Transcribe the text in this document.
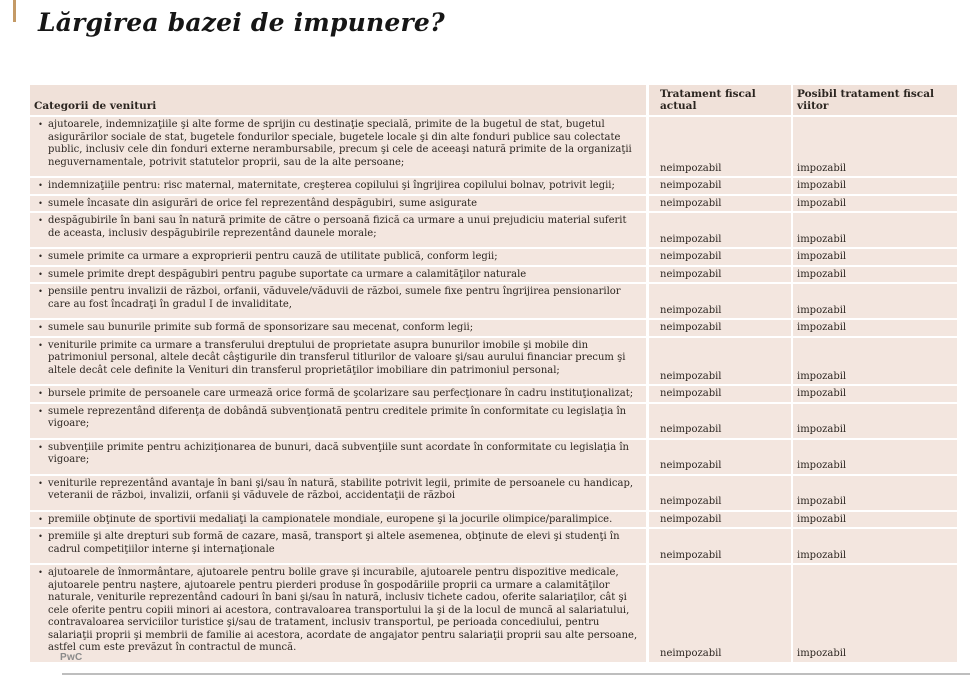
Lărgirea bazei de impunere?
Categorii de venituri
Tratament fiscal actual
Posibil tratament fiscal viitor
• ajutoarele, indemnizaţiile şi alte forme de sprijin cu destinaţie specială, primite de la bugetul de stat, bugetul asigurărilor sociale de stat, bugetele fondurilor speciale, bugetele locale şi din alte fonduri publice sau colectate public, inclusiv cele din fonduri externe nerambursabile, precum şi cele de aceeaşi natură primite de la organizaţii neguvernamentale, potrivit statutelor proprii, sau de la alte persoane;
neimpozabil	impozabil
• indemnizaţiile pentru: risc maternal, maternitate, creşterea copilului şi îngrijirea copilului bolnav, potrivit legii;	neimpozabil	impozabil
• sumele încasate din asigurări de orice fel reprezentând despăgubiri, sume asigurate	neimpozabil	impozabil
• despăgubirile în bani sau în natură primite de către o persoană fizică ca urmare a unui prejudiciu material suferit de aceasta, inclusiv despăgubirile reprezentând daunele morale;
neimpozabil	impozabil
• sumele primite ca urmare a exproprierii pentru cauză de utilitate publică, conform legii;	neimpozabil	impozabil
• sumele primite drept despăgubiri pentru pagube suportate ca urmare a calamităţilor naturale	neimpozabil	impozabil
• pensiile pentru invalizii de război, orfanii, văduvele/văduvii de război, sumele fixe pentru îngrijirea pensionarilor care au fost încadraţi în gradul I de invaliditate,
neimpozabil	impozabil
• sumele sau bunurile primite sub formă de sponsorizare sau mecenat, conform legii;	neimpozabil	impozabil
• veniturile primite ca urmare a transferului dreptului de proprietate asupra bunurilor imobile şi mobile din patrimoniul personal, altele decât câştigurile din transferul titlurilor de valoare şi/sau aurului financiar precum şi altele decât cele definite la Venituri din transferul proprietăţilor imobiliare din patrimoniul personal;
neimpozabil	impozabil
• bursele primite de persoanele care urmează orice formă de şcolarizare sau perfecţionare în cadru instituţionalizat;	neimpozabil	impozabil
• sumele reprezentând diferenţa de dobândă subvenţionată pentru creditele primite în conformitate cu legislaţia în vigoare;
neimpozabil	impozabil
• subvenţiile primite pentru achiziţionarea de bunuri, dacă subvenţiile sunt acordate în conformitate cu legislaţia în vigoare;
neimpozabil	impozabil
• veniturile reprezentând avantaje în bani şi/sau în natură, stabilite potrivit legii, primite de persoanele cu handicap, veteranii de război, invalizii, orfanii şi văduvele de război, accidentaţii de război
neimpozabil	impozabil
• premiile obţinute de sportivii medaliaţi la campionatele mondiale, europene şi la jocurile olimpice/paralimpice.	neimpozabil	impozabil
• premiile şi alte drepturi sub formă de cazare, masă, transport şi altele asemenea, obţinute de elevi şi studenţi în cadrul competiţiilor interne şi internaţionale
neimpozabil	impozabil
• ajutoarele de înmormântare, ajutoarele pentru bolile grave şi incurabile, ajutoarele pentru dispozitive medicale, ajutoarele pentru naştere, ajutoarele pentru pierderi produse în gospodăriile proprii ca urmare a calamităţilor naturale, veniturile reprezentând cadouri în bani şi/sau în natură, inclusiv tichete cadou, oferite salariaţilor, cât şi cele oferite pentru copiii minori ai acestora, contravaloarea transportului la şi de la locul de muncă al salariatului, contravaloarea serviciilor turistice şi/sau de tratament, inclusiv transportul, pe perioada concediului, pentru salariaţii proprii şi membrii de familie ai acestora, acordate de angajator pentru salariaţii proprii sau alte persoane, astfel cum este prevăzut în contractul de muncă.
neimpozabil	impozabil
PwC
